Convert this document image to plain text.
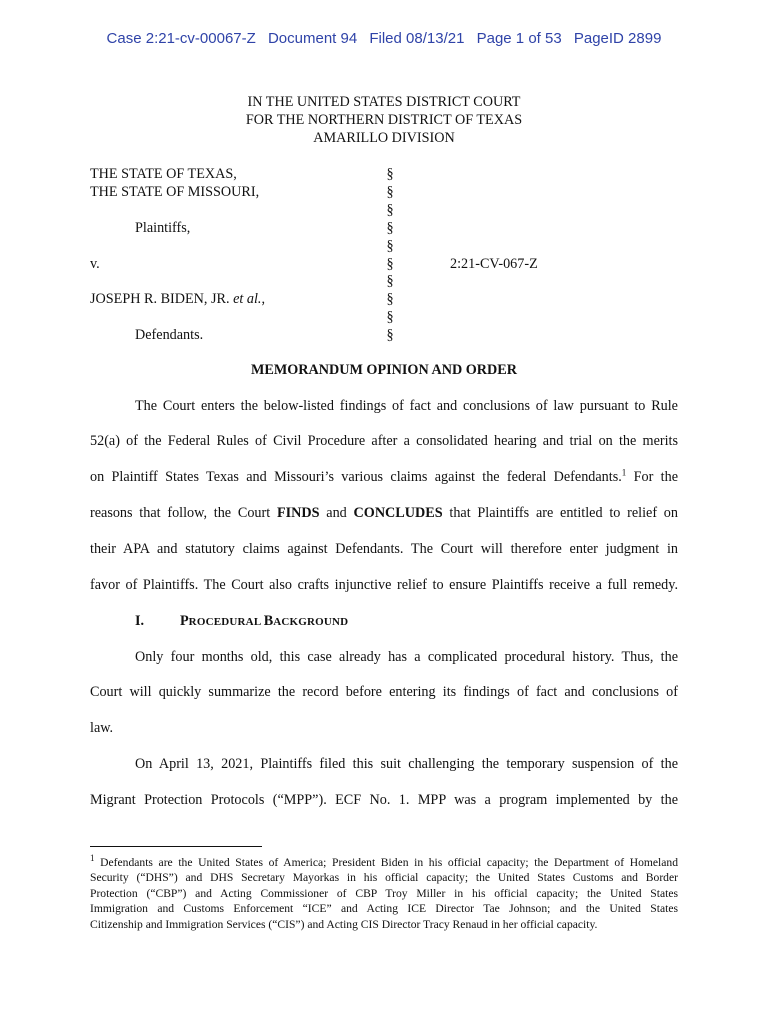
Case 2:21-cv-00067-Z Document 94 Filed 08/13/21 Page 1 of 53 PageID 2899
IN THE UNITED STATES DISTRICT COURT
FOR THE NORTHERN DISTRICT OF TEXAS
AMARILLO DIVISION
THE STATE OF TEXAS,
THE STATE OF MISSOURI,
Plaintiffs,
v.
JOSEPH R. BIDEN, JR. et al.,
Defendants.
§
§
§
§
§
§
§
§
§
§
2:21-CV-067-Z
MEMORANDUM OPINION AND ORDER
The Court enters the below-listed findings of fact and conclusions of law pursuant to Rule
52(a) of the Federal Rules of Civil Procedure after a consolidated hearing and trial on the merits
on Plaintiff States Texas and Missouri’s various claims against the federal Defendants.$^1$ For the
reasons that follow, the Court FINDS and CONCLUDES that Plaintiffs are entitled to relief on
their APA and statutory claims against Defendants. The Court will therefore enter judgment in
favor of Plaintiffs. The Court also crafts injunctive relief to ensure Plaintiffs receive a full remedy.
I.	PROCEDURAL BACKGROUND
Only four months old, this case already has a complicated procedural history. Thus, the
Court will quickly summarize the record before entering its findings of fact and conclusions of
law.
On April 13, 2021, Plaintiffs filed this suit challenging the temporary suspension of the
Migrant Protection Protocols (“MPP”). ECF No. 1. MPP was a program implemented by the
$^1$ Defendants are the United States of America; President Biden in his official capacity; the Department of Homeland
Security (“DHS”) and DHS Secretary Mayorkas in his official capacity; the United States Customs and Border
Protection (“CBP”) and Acting Commissioner of CBP Troy Miller in his official capacity; the United States
Immigration and Customs Enforcement “ICE” and Acting ICE Director Tae Johnson; and the United States
Citizenship and Immigration Services (“CIS”) and Acting CIS Director Tracy Renaud in her official capacity.
